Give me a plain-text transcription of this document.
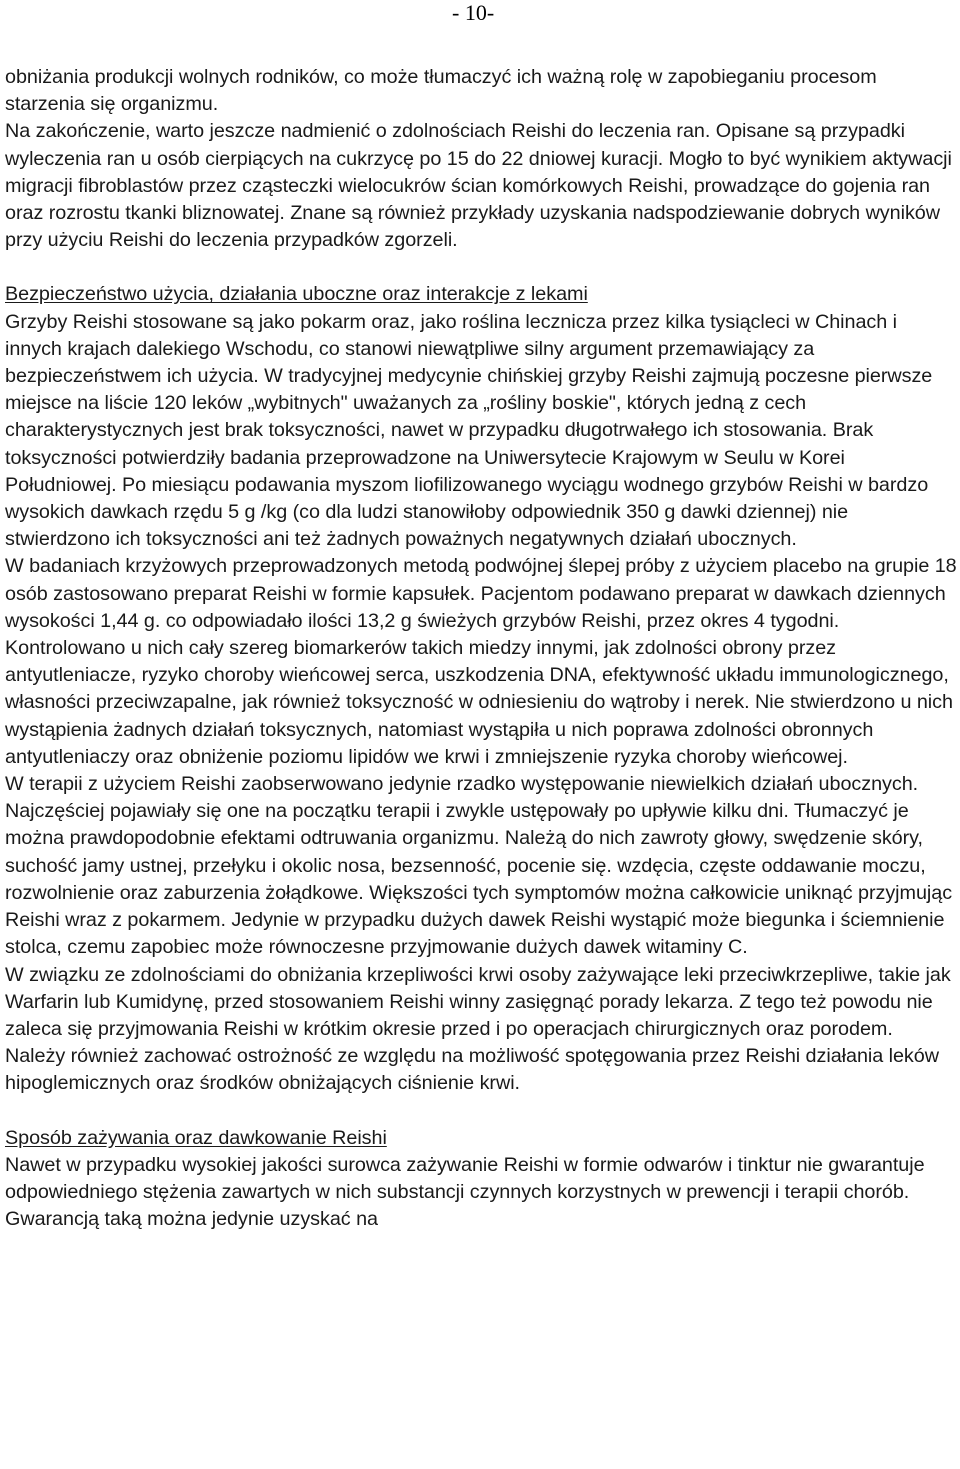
- 10-

obniżania produkcji wolnych rodników, co może tłumaczyć ich ważną rolę w zapobieganiu procesom starzenia się organizmu.

Na zakończenie, warto jeszcze nadmienić o zdolnościach Reishi do leczenia ran. Opisane są przypadki wyleczenia ran u osób cierpiących na cukrzycę po 15 do 22 dniowej kuracji. Mogło to być wynikiem aktywacji migracji fibroblastów przez cząsteczki wielocukrów ścian komórkowych Reishi, prowadzące do gojenia ran oraz rozrostu tkanki bliznowatej. Znane są również przykłady uzyskania nadspodziewanie dobrych wyników przy użyciu Reishi do leczenia przypadków zgorzeli.

Bezpieczeństwo użycia, działania uboczne oraz interakcje z lekami

Grzyby Reishi stosowane są jako pokarm oraz, jako roślina lecznicza przez kilka tysiącleci w Chinach i innych krajach dalekiego Wschodu, co stanowi niewątpliwe silny argument przemawiający za bezpieczeństwem ich użycia. W tradycyjnej medycynie chińskiej grzyby Reishi zajmują poczesne pierwsze miejsce na liście 120 leków „wybitnych" uważanych za „rośliny boskie", których jedną z cech charakterystycznych jest brak toksyczności, nawet w przypadku długotrwałego ich stosowania. Brak toksyczności potwierdziły badania przeprowadzone na Uniwersytecie Krajowym w Seulu w Korei Południowej. Po miesiącu podawania myszom liofilizowanego wyciągu wodnego grzybów Reishi w bardzo wysokich dawkach rzędu 5 g /kg (co dla ludzi stanowiłoby odpowiednik 350 g dawki dziennej) nie stwierdzono ich toksyczności ani też żadnych poważnych negatywnych działań ubocznych.

W badaniach krzyżowych przeprowadzonych metodą podwójnej ślepej próby z użyciem placebo na grupie 18 osób zastosowano preparat Reishi w formie kapsułek. Pacjentom podawano preparat w dawkach dziennych wysokości 1,44 g. co odpowiadało ilości 13,2 g świeżych grzybów Reishi, przez okres 4 tygodni. Kontrolowano u nich cały szereg biomarkerów takich miedzy innymi, jak zdolności obrony przez antyutleniacze, ryzyko choroby wieńcowej serca, uszkodzenia DNA, efektywność układu immunologicznego, własności przeciwzapalne, jak również toksyczność w odniesieniu do wątroby i nerek. Nie stwierdzono u nich wystąpienia żadnych działań toksycznych, natomiast wystąpiła u nich poprawa zdolności obronnych antyutleniaczy oraz obniżenie poziomu lipidów we krwi i zmniejszenie ryzyka choroby wieńcowej.

W terapii z użyciem Reishi zaobserwowano jedynie rzadko występowanie niewielkich działań ubocznych. Najczęściej pojawiały się one na początku terapii i zwykle ustępowały po upływie kilku dni. Tłumaczyć je można prawdopodobnie efektami odtruwania organizmu. Należą do nich zawroty głowy, swędzenie skóry, suchość jamy ustnej, przełyku i okolic nosa, bezsenność, pocenie się. wzdęcia, częste oddawanie moczu, rozwolnienie oraz zaburzenia żołądkowe. Większości tych symptomów można całkowicie uniknąć przyjmując Reishi wraz z pokarmem. Jedynie w przypadku dużych dawek Reishi wystąpić może biegunka i ściemnienie stolca, czemu zapobiec może równoczesne przyjmowanie dużych dawek witaminy C.

W związku ze zdolnościami do obniżania krzepliwości krwi osoby zażywające leki przeciwkrzepliwe, takie jak Warfarin lub Kumidynę, przed stosowaniem Reishi winny zasięgnąć porady lekarza. Z tego też powodu nie zaleca się przyjmowania Reishi w krótkim okresie przed i po operacjach chirurgicznych oraz porodem. Należy również zachować ostrożność ze względu na możliwość spotęgowania przez Reishi działania leków hipoglemicznych oraz środków obniżających ciśnienie krwi.

Sposób zażywania oraz dawkowanie Reishi

Nawet w przypadku wysokiej jakości surowca zażywanie Reishi w formie odwarów i tinktur nie gwarantuje odpowiedniego stężenia zawartych w nich substancji czynnych korzystnych w prewencji i terapii chorób. Gwarancją taką można jedynie uzyskać na
